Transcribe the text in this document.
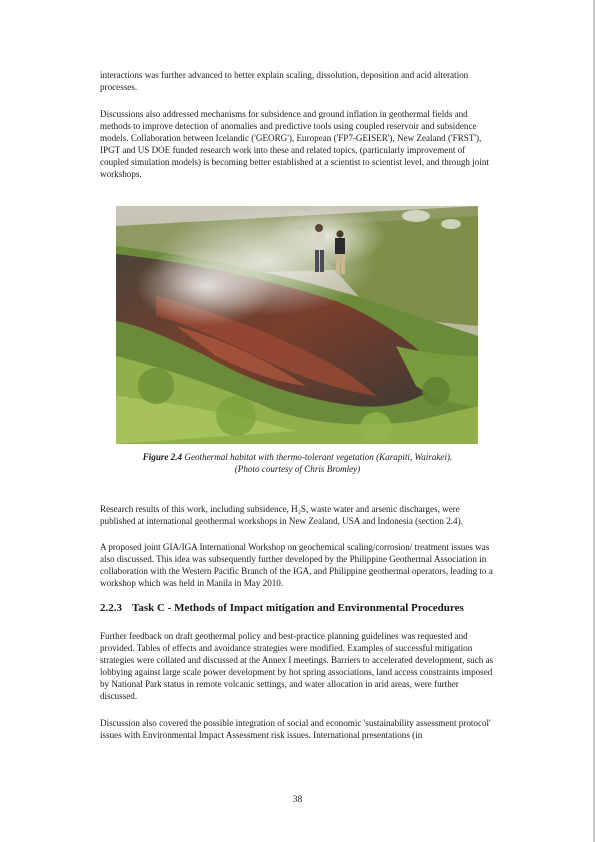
interactions was further advanced to better explain scaling, dissolution, deposition and acid alteration processes.

Discussions also addressed mechanisms for subsidence and ground inflation in geothermal fields and methods to improve detection of anomalies and predictive tools using coupled reservoir and subsidence models. Collaboration between Icelandic ('GEORG'), European ('FP7-GEISER'), New Zealand ('FRST'), IPGT and US DOE funded research work into these and related topics, (particularly improvement of coupled simulation models) is becoming better established at a scientist to scientist level, and through joint workshops.

Figure 2.4 Geothermal habitat with thermo-tolerant vegetation (Karapiti, Wairakei).
(Photo courtesy of Chris Bromley)

Research results of this work, including subsidence, H₂S, waste water and arsenic discharges, were published at international geothermal workshops in New Zealand, USA and Indonesia (section 2.4).

A proposed joint GIA/IGA International Workshop on geochemical scaling/corrosion/ treatment issues was also discussed. This idea was subsequently further developed by the Philippine Geothermal Association in collaboration with the Western Pacific Branch of the IGA, and Philippine geothermal operators, leading to a workshop which was held in Manila in May 2010.

2.2.3 Task C - Methods of Impact mitigation and Environmental Procedures

Further feedback on draft geothermal policy and best-practice planning guidelines was requested and provided. Tables of effects and avoidance strategies were modified. Examples of successful mitigation strategies were collated and discussed at the Annex I meetings. Barriers to accelerated development, such as lobbying against large scale power development by hot spring associations, land access constraints imposed by National Park status in remote volcanic settings, and water allocation in arid areas, were further discussed.

Discussion also covered the possible integration of social and economic 'sustainability assessment protocol' issues with Environmental Impact Assessment risk issues. International presentations (in

38
